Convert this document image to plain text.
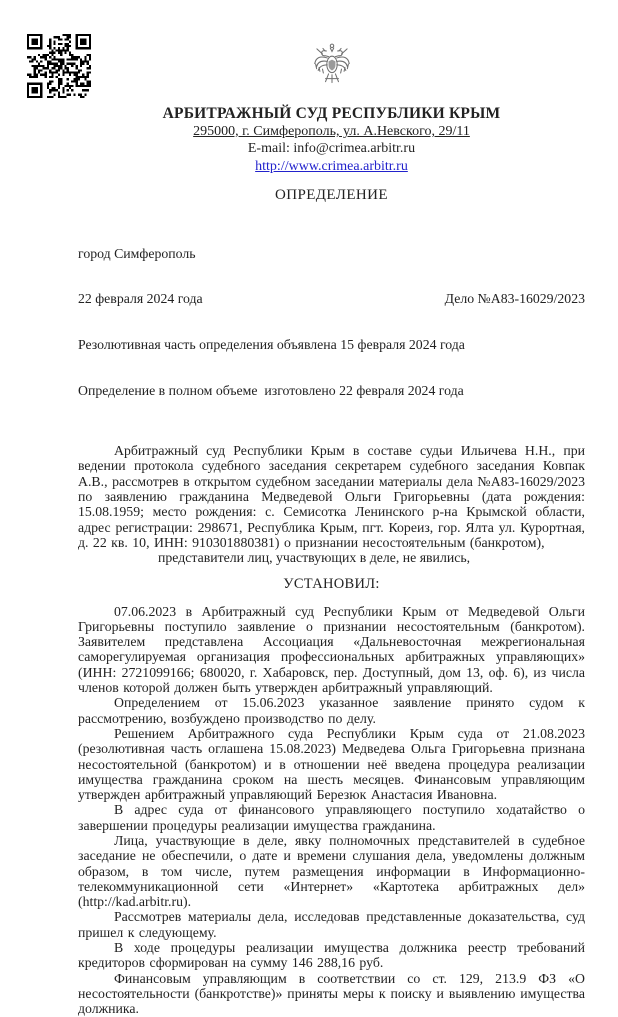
АРБИТРАЖНЫЙ СУД РЕСПУБЛИКИ КРЫМ
295000, г. Симферополь, ул. А.Невского, 29/11
E-mail: info@crimea.arbitr.ru
http://www.crimea.arbitr.ru
ОПРЕДЕЛЕНИЕ

город Симферополь

22 февраля 2024 года	Дело №А83-16029/2023

Резолютивная часть определения объявлена 15 февраля 2024 года

Определение в полном объеме  изготовлено 22 февраля 2024 года

Арбитражный суд Республики Крым в составе судьи Ильичева Н.Н., при ведении протокола судебного заседания секретарем судебного заседания Ковпак А.В., рассмотрев в открытом судебном заседании материалы дела №А83-16029/2023 по заявлению гражданина Медведевой Ольги Григорьевны (дата рождения: 15.08.1959; место рождения: с. Семисотка Ленинского р-на Крымской области, адрес регистрации: 298671, Республика Крым, пгт. Кореиз, гор. Ялта ул. Курортная, д. 22 кв. 10, ИНН: 910301880381) о признании несостоятельным (банкротом),

представители лиц, участвующих в деле, не явились,

УСТАНОВИЛ:

07.06.2023 в Арбитражный суд Республики Крым от Медведевой Ольги Григорьевны поступило заявление о признании несостоятельным (банкротом). Заявителем представлена Ассоциация «Дальневосточная межрегиональная саморегулируемая организация профессиональных арбитражных управляющих» (ИНН: 2721099166; 680020, г. Хабаровск, пер. Доступный, дом 13, оф. 6), из числа членов которой должен быть утвержден арбитражный управляющий.

Определением от 15.06.2023 указанное заявление принято судом к рассмотрению, возбуждено производство по делу.

Решением Арбитражного суда Республики Крым суда от 21.08.2023 (резолютивная часть оглашена 15.08.2023) Медведева Ольга Григорьевна признана несостоятельной (банкротом) и в отношении неё введена процедура реализации имущества гражданина сроком на шесть месяцев. Финансовым управляющим утвержден арбитражный управляющий Березюк Анастасия Ивановна.

В адрес суда от финансового управляющего поступило ходатайство о завершении процедуры реализации имущества гражданина.

Лица, участвующие в деле, явку полномочных представителей в судебное заседание не обеспечили, о дате и времени слушания дела, уведомлены должным образом, в том числе, путем размещения информации в Информационно-телекоммуникационной сети «Интернет» «Картотека арбитражных дел» (http://kad.arbitr.ru).

Рассмотрев материалы дела, исследовав представленные доказательства, суд пришел к следующему.

В ходе процедуры реализации имущества должника реестр требований кредиторов сформирован на сумму 146 288,16 руб.

Финансовым управляющим в соответствии со ст. 129, 213.9 ФЗ «О несостоятельности (банкротстве)» приняты меры к поиску и выявлению имущества должника.
